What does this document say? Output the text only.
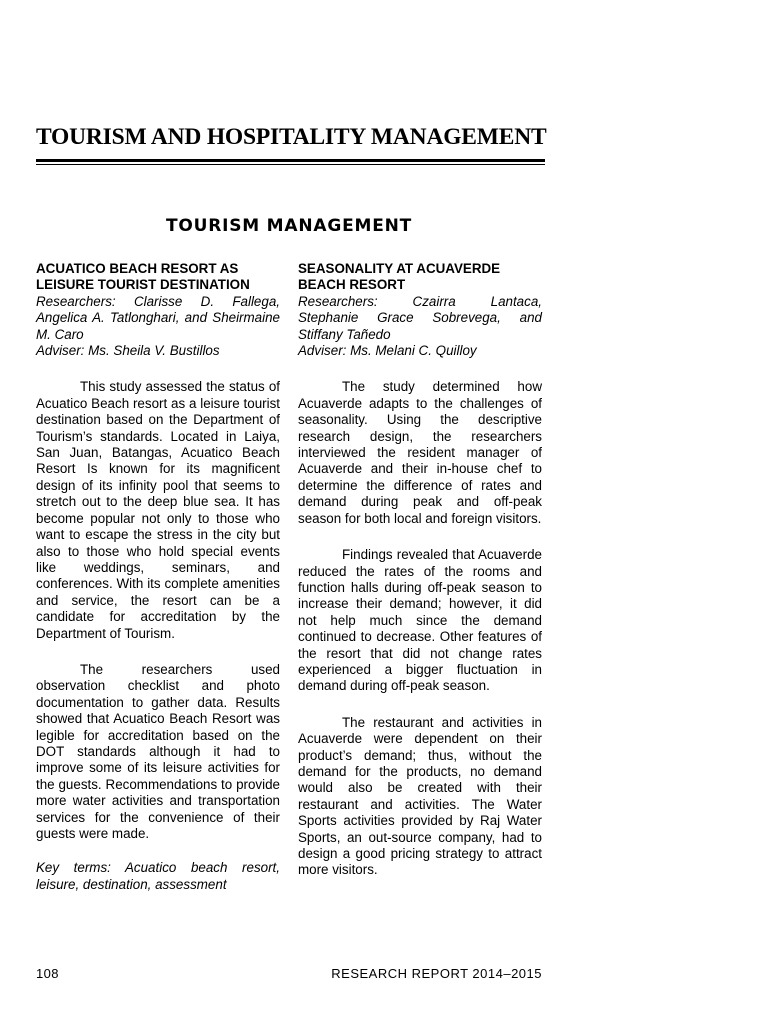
TOURISM AND HOSPITALITY MANAGEMENT
TOURISM MANAGEMENT

ACUATICO BEACH RESORT AS LEISURE TOURIST DESTINATION

Researchers: Clarisse D. Fallega, Angelica A. Tatlonghari, and Sheirmaine M. Caro

Adviser: Ms. Sheila V. Bustillos

This study assessed the status of Acuatico Beach resort as a leisure tourist destination based on the Department of Tourism’s standards. Located in Laiya, San Juan, Batangas, Acuatico Beach Resort Is known for its magnificent design of its infinity pool that seems to stretch out to the deep blue sea. It has become popular not only to those who want to escape the stress in the city but also to those who hold special events like weddings, seminars, and conferences. With its complete amenities and service, the resort can be a candidate for accreditation by the Department of Tourism.

The researchers used observation checklist and photo documentation to gather data. Results showed that Acuatico Beach Resort was legible for accreditation based on the DOT standards although it had to improve some of its leisure activities for the guests. Recommendations to provide more water activities and transportation services for the convenience of their guests were made.

Key terms: Acuatico beach resort, leisure, destination, assessment

SEASONALITY AT ACUAVERDE BEACH RESORT

Researchers: Czairra Lantaca, Stephanie Grace Sobrevega, and Stiffany Tañedo

Adviser: Ms. Melani C. Quilloy

The study determined how Acuaverde adapts to the challenges of seasonality. Using the descriptive research design, the researchers interviewed the resident manager of Acuaverde and their in-house chef to determine the difference of rates and demand during peak and off-peak season for both local and foreign visitors.

Findings revealed that Acuaverde reduced the rates of the rooms and function halls during off-peak season to increase their demand; however, it did not help much since the demand continued to decrease. Other features of the resort that did not change rates experienced a bigger fluctuation in demand during off-peak season.

The restaurant and activities in Acuaverde were dependent on their product’s demand; thus, without the demand for the products, no demand would also be created with their restaurant and activities. The Water Sports activities provided by Raj Water Sports, an out-source company, had to design a good pricing strategy to attract more visitors.

108	RESEARCH REPORT 2014–2015
